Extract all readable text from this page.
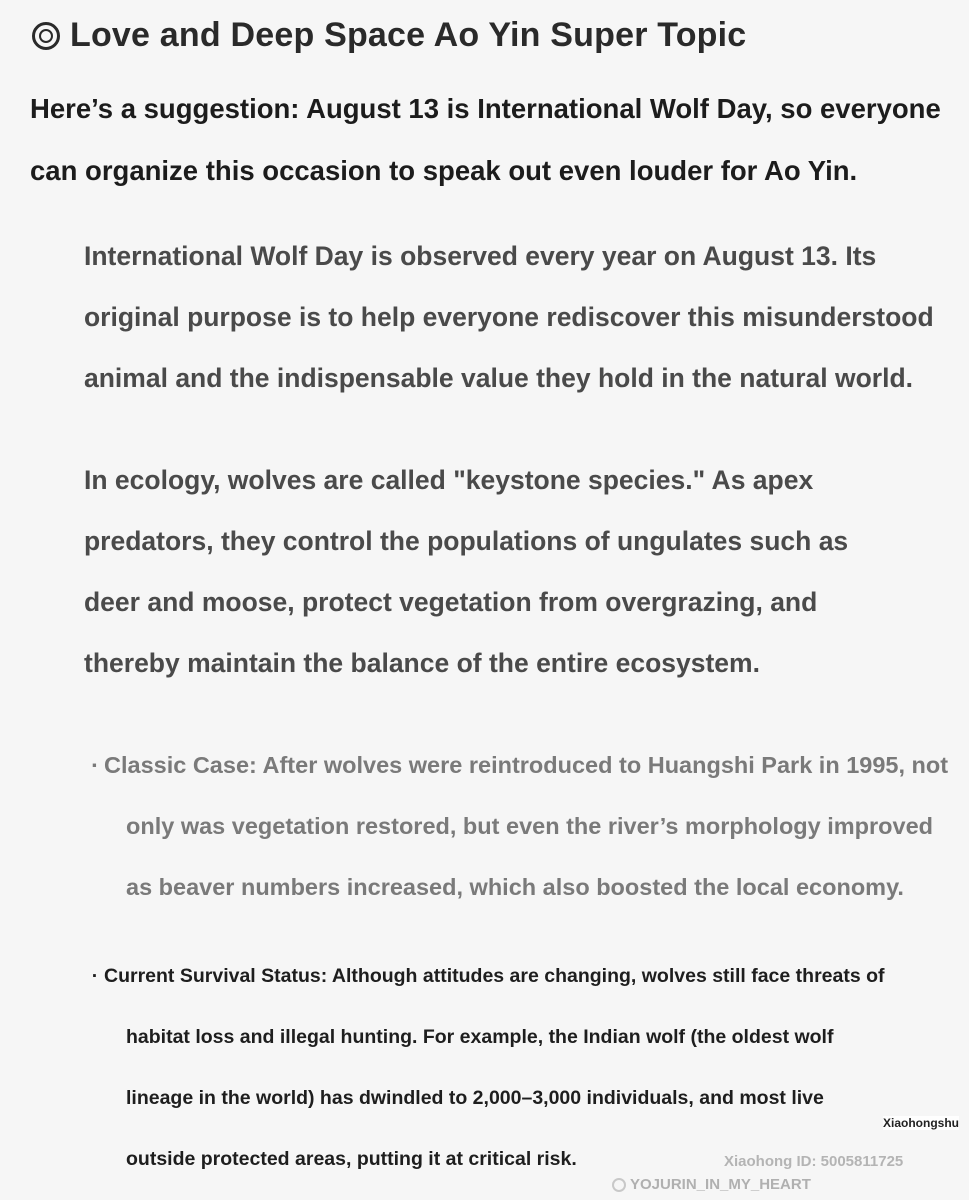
Love and Deep Space Ao Yin Super Topic
Here’s a suggestion: August 13 is International Wolf Day, so everyone
can organize this occasion to speak out even louder for Ao Yin.
International Wolf Day is observed every year on August 13. Its
original purpose is to help everyone rediscover this misunderstood
animal and the indispensable value they hold in the natural world.
In ecology, wolves are called "keystone species." As apex
predators, they control the populations of ungulates such as
deer and moose, protect vegetation from overgrazing, and
thereby maintain the balance of the entire ecosystem.
· Classic Case: After wolves were reintroduced to Huangshi Park in 1995, not
only was vegetation restored, but even the river’s morphology improved
as beaver numbers increased, which also boosted the local economy.
· Current Survival Status: Although attitudes are changing, wolves still face threats of
habitat loss and illegal hunting. For example, the Indian wolf (the oldest wolf
lineage in the world) has dwindled to 2,000–3,000 individuals, and most live
outside protected areas, putting it at critical risk.
Xiaohongshu
Xiaohong ID: 5005811725
YOJURIN_IN_MY_HEART
